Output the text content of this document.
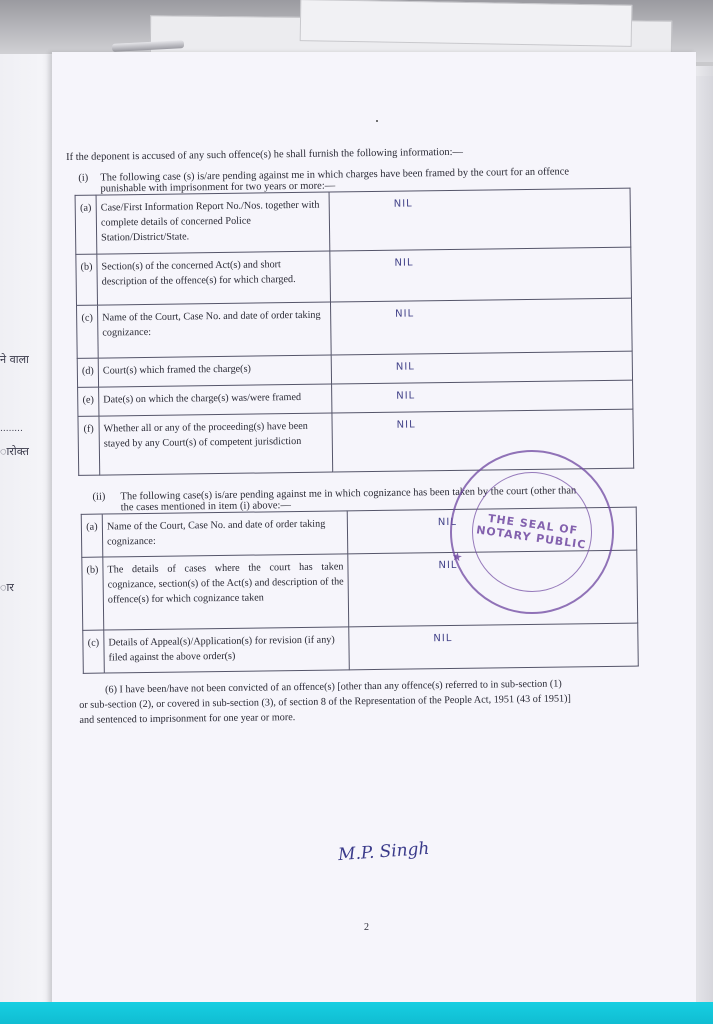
ने वाला
........
ारोक्त
ार

If the deponent is accused of any such offence(s) he shall furnish the following information:—

(i) The following case (s) is/are pending against me in which charges have been framed by the court for an offence

punishable with imprisonment for two years or more:—

(a)	Case/First Information Report No./Nos. together with complete details of concerned Police Station/District/State.	NIL
(b)	Section(s) of the concerned Act(s) and short description of the offence(s) for which charged.	NIL
(c)	Name of the Court, Case No. and date of order taking cognizance:	NIL
(d)	Court(s) which framed the charge(s)	NIL
(e)	Date(s) on which the charge(s) was/were framed	NIL
(f)	Whether all or any of the proceeding(s) have been stayed by any Court(s) of competent jurisdiction	NIL

(ii) The following case(s) is/are pending against me in which cognizance has been taken by the court (other than

the cases mentioned in item (i) above:—

(a)	Name of the Court, Case No. and date of order taking cognizance:	NIL
(b)	The details of cases where the court has taken cognizance, section(s) of the Act(s) and description of the offence(s) for which cognizance taken	NIL
(c)	Details of Appeal(s)/Application(s) for revision (if any) filed against the above order(s)	NIL
(6) I have been/have not been convicted of an offence(s) [other than any offence(s) referred to in sub-section (1)
or sub-section (2), or covered in sub-section (3), of section 8 of the Representation of the People Act, 1951 (43 of 1951)]
and sentenced to imprisonment for one year or more.
THE SEAL OF NOTARY PUBLIC
★
M.P. Singh
2
